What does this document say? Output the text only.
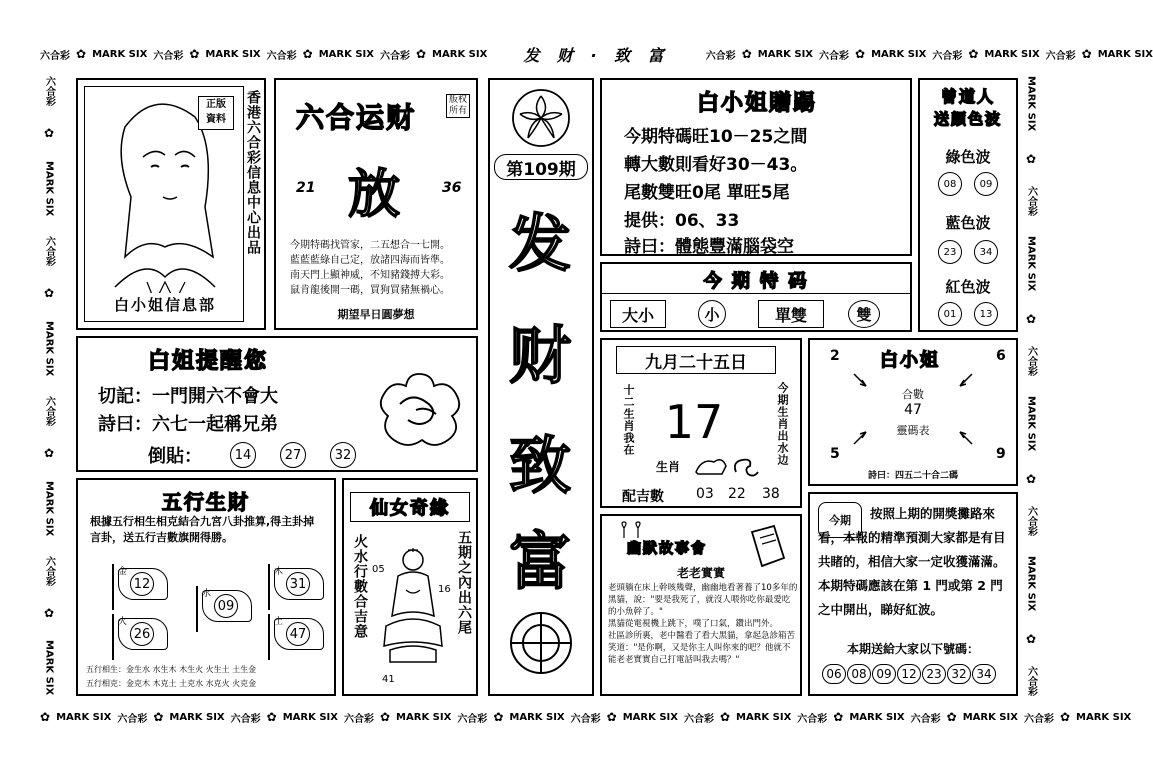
六合彩 ✿ MARK SIX 六合彩 ✿ MARK SIX 六合彩 ✿ MARK SIX 六合彩 ✿ MARK SIX 发 财 · 致 富	六合彩 ✿ MARK SIX 六合彩 ✿ MARK SIX 六合彩 ✿ MARK SIX 六合彩 ✿ MARK SIX
✿ MARK SIX 六合彩 ✿ MARK SIX 六合彩 ✿ MARK SIX 六合彩 ✿ MARK SIX 六合彩 ✿ MARK SIX 六合彩 ✿ MARK SIX 六合彩 ✿ MARK SIX 六合彩 ✿ MARK SIX 六合彩 ✿ MARK SIX 六合彩 ✿ MARK SIX
六合彩
✿
MARK SIX
六合彩
✿
MARK SIX
六合彩
✿
MARK SIX
六合彩
✿
MARK SIX
MARK SIX
✿
六合彩
MARK SIX
✿
六合彩
MARK SIX
✿
六合彩
MARK SIX
✿
六合彩
白小姐信息部
正版
資料	香港六合彩信息中心出品 六合运财
版权所有
21 放	36
今期特碼找管家，二五想合一七開。
藍藍藍綠自己定，放諸四海而皆準。
南天門上顯神威，不知豬錢搏大彩。
鼠肯龍後開一碼，買狗買豬無禍心。
期望早日圓夢想
白姐提醒您
切記：一門開六不會大
詩曰：六七一起稱兄弟
倒貼：	14	27	32
五行生財
根據五行相生相克結合九宮八卦推算,得主卦掉言卦，送五行吉數旗開得勝。
金
12
木
31
水
09
火
26
土
47
五行相生：金生水 水生木 木生火 火生土 土生金
五行相克：金克木 木克土 土克水 水克火 火克金
仙女奇緣
火水行數合吉意	五期之內出六尾
05
16
41
第109期
发
财
致
富
白小姐贈踢
今期特碼旺10－25之間
轉大數則看好30－43。
尾數雙旺0尾 單旺5尾
提供：06、33
詩曰：體態豐滿腦袋空
今 期 特 码
大小	小	單雙	雙
曾道人
送顏色波
綠色波
08	09
藍色波
23	34
紅色波
01	13
九月二十五日
十二生肖我在 17	今期生肖出水边
生肖
配吉數 03 22 38
白小姐
2	6
5	9
合數
47
靈碼表
詩曰：四五二十合二碼
幽默故事會
老老實實
老頭躺在床上幹咳幾聲，幽幽地看著養了10多年的黑貓，說："要是我死了，就沒人喂你吃你最愛吃的小魚幹了。"
黑貓從電視機上跳下，噗了口氣，鑽出門外。
社區診所裏，老中醫看了看大黑貓，拿起急診箱苦笑道："是你啊，又是你主人叫你來的吧？他就不能老老實實自己打電話叫我去嗎？"
今期	按照上期的開獎攤路來看，本報的精準預測大家都是有目共睹的，相信大家一定收獲滿滿。本期特碼應該在第 1 門或第 2 門之中開出，睇好紅波。
本期送給大家以下號碼：
06 08 09 12 23 32 34
